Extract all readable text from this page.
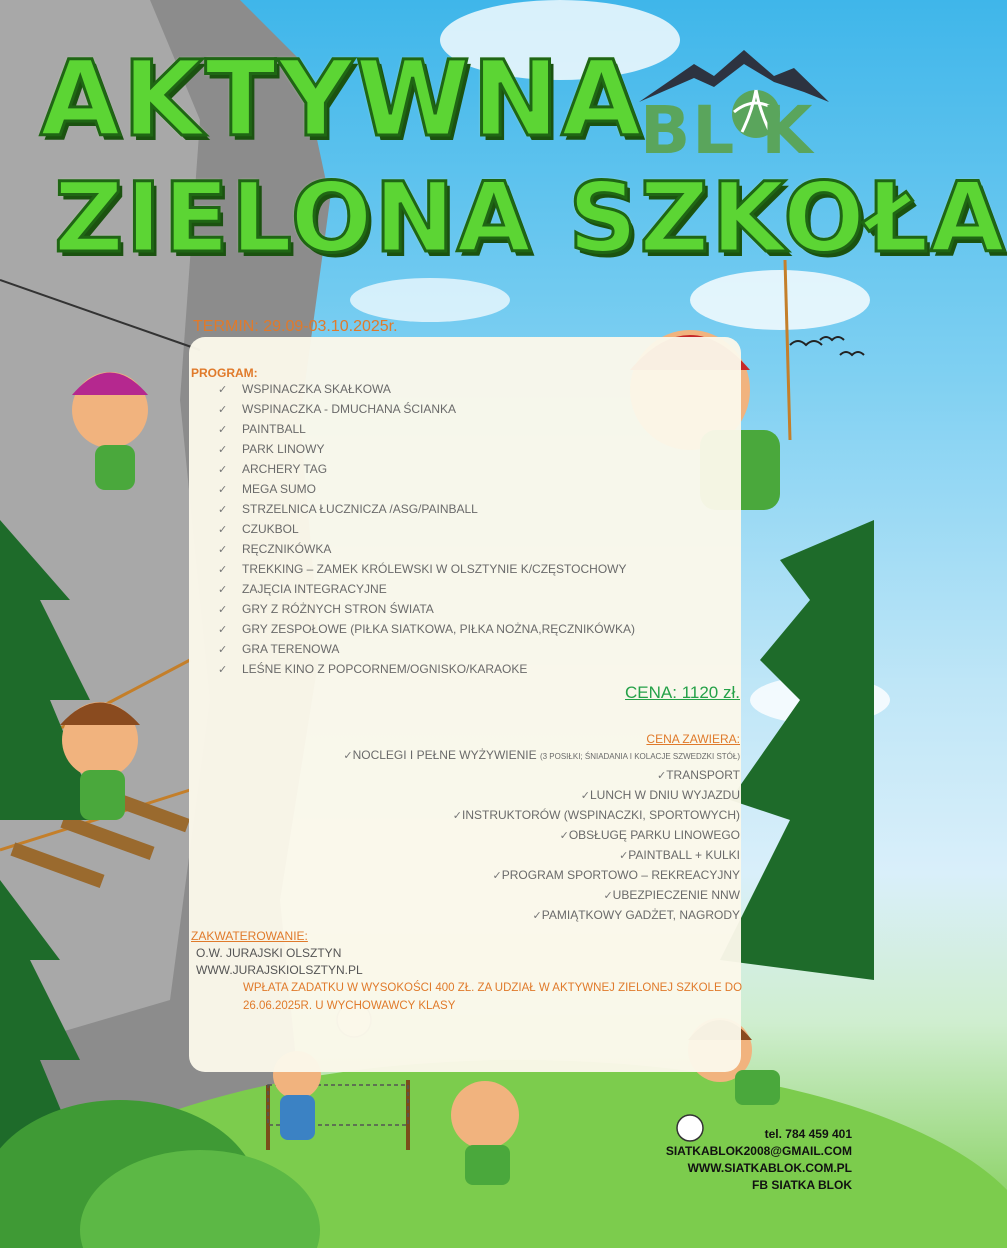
AKTYWNA
ZIELONA SZKOŁA
BL K
TERMIN: 29.09-03.10.2025r.
PROGRAM:
✓ WSPINACZKA SKAŁKOWA
✓ WSPINACZKA - DMUCHANA ŚCIANKA
✓ PAINTBALL
✓ PARK LINOWY
✓ ARCHERY TAG
✓ MEGA SUMO
✓ STRZELNICA ŁUCZNICZA /ASG/PAINBALL
✓ CZUKBOL
✓ RĘCZNIKÓWKA
✓ TREKKING – ZAMEK KRÓLEWSKI W OLSZTYNIE K/CZĘSTOCHOWY
✓ ZAJĘCIA INTEGRACYJNE
✓ GRY Z RÓŻNYCH STRON ŚWIATA
✓ GRY ZESPOŁOWE (PIŁKA SIATKOWA, PIŁKA NOŻNA,RĘCZNIKÓWKA)
✓ GRA TERENOWA
✓ LEŚNE KINO Z POPCORNEM/OGNISKO/KARAOKE
CENA: 1120 zł.
CENA ZAWIERA:
✓NOCLEGI I PEŁNE WYŻYWIENIE (3 POSIŁKI; ŚNIADANIA I KOLACJE SZWEDZKI STÓŁ)
✓TRANSPORT
✓LUNCH W DNIU WYJAZDU
✓INSTRUKTORÓW (WSPINACZKI, SPORTOWYCH)
✓OBSŁUGĘ PARKU LINOWEGO
✓PAINTBALL + KULKI
✓PROGRAM SPORTOWO – REKREACYJNY
✓UBEZPIECZENIE NNW
✓PAMIĄTKOWY GADŻET, NAGRODY
ZAKWATEROWANIE:
O.W. JURAJSKI OLSZTYN
WWW.JURAJSKIOLSZTYN.PL
WPŁATA ZADATKU W WYSOKOŚCI 400 ZŁ. ZA UDZIAŁ W AKTYWNEJ ZIELONEJ SZKOLE DO 26.06.2025R. U WYCHOWAWCY KLASY
tel. 784 459 401
SIATKABLOK2008@GMAIL.COM
WWW.SIATKABLOK.COM.PL
FB SIATKA BLOK
